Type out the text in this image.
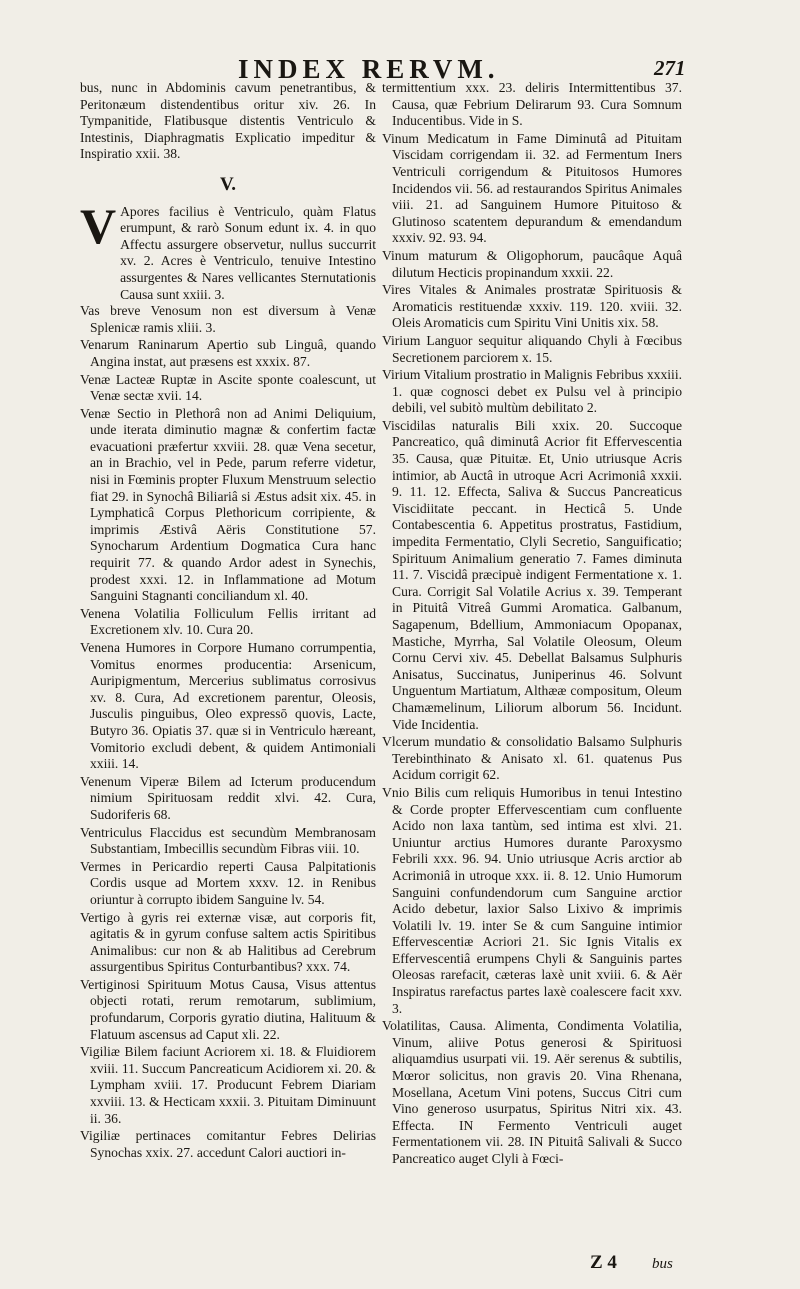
INDEX RERVM.	271

bus, nunc in Abdominis cavum penetrantibus, & Peritonæum distendentibus oritur xiv. 26. In Tympanitide, Flatibusque distentis Ventriculo & Intestinis, Diaphragmatis Explicatio impeditur & Inspiratio xxii. 38.

V.

V Apores facilius è Ventriculo, quàm Flatus erumpunt, & rarò Sonum edunt ix. 4. in quo Affectu assurgere observetur, nullus succurrit xv. 2. Acres è Ventriculo, tenuive Intestino assurgentes & Nares vellicantes Sternutationis Causa sunt xxiii. 3.

Vas breve Venosum non est diversum à Venæ Splenicæ ramis xliii. 3.

Venarum Raninarum Apertio sub Linguâ, quando Angina instat, aut præsens est xxxix. 87.

Venæ Lacteæ Ruptæ in Ascite sponte coalescunt, ut Venæ sectæ xvii. 14.

Venæ Sectio in Plethorâ non ad Animi Deliquium, unde iterata diminutio magnæ & confertim factæ evacuationi præfertur xxviii. 28. quæ Vena secetur, an in Brachio, vel in Pede, parum referre videtur, nisi in Fœminis propter Fluxum Menstruum selectio fiat 29. in Synochâ Biliariâ si Æstus adsit xix. 45. in Lymphaticâ Corpus Plethoricum corripiente, & imprimis Æstivâ Aëris Constitutione 57. Synocharum Ardentium Dogmatica Cura hanc requirit 77. & quando Ardor adest in Synechis, prodest xxxi. 12. in Inflammatione ad Motum Sanguini Stagnanti conciliandum xl. 40.

Venena Volatilia Folliculum Fellis irritant ad Excretionem xlv. 10. Cura 20.

Venena Humores in Corpore Humano corrumpentia, Vomitus enormes producentia: Arsenicum, Auripigmentum, Mercerius sublimatus corrosivus xv. 8. Cura, Ad excretionem parentur, Oleosis, Jusculis pinguibus, Oleo expressō quovis, Lacte, Butyro 36. Opiatis 37. quæ si in Ventriculo hæreant, Vomitorio excludi debent, & quidem Antimoniali xxiii. 14.

Venenum Viperæ Bilem ad Icterum producendum nimium Spirituosam reddit xlvi. 42. Cura, Sudoriferis 68.

Ventriculus Flaccidus est secundùm Membranosam Substantiam, Imbecillis secundùm Fibras viii. 10.

Vermes in Pericardio reperti Causa Palpitationis Cordis usque ad Mortem xxxv. 12. in Renibus oriuntur à corrupto ibidem Sanguine lv. 54.

Vertigo à gyris rei externæ visæ, aut corporis fit, agitatis & in gyrum confuse saltem actis Spiritibus Animalibus: cur non & ab Halitibus ad Cerebrum assurgentibus Spiritus Conturbantibus? xxx. 74.

Vertiginosi Spirituum Motus Causa, Visus attentus objecti rotati, rerum remotarum, sublimium, profundarum, Corporis gyratio diutina, Halituum & Flatuum ascensus ad Caput xli. 22.

Vigiliæ Bilem faciunt Acriorem xi. 18. & Fluidiorem xviii. 11. Succum Pancreaticum Acidiorem xi. 20. & Lympham xviii. 17. Producunt Febrem Diariam xxviii. 13. & Hecticam xxxii. 3. Pituitam Diminuunt ii. 36.

Vigiliæ pertinaces comitantur Febres Delirias Synochas xxix. 27. accedunt Calori auctiori in-

termittentium xxx. 23. deliris Intermittentibus 37. Causa, quæ Febrium Delirarum 93. Cura Somnum Inducentibus. Vide in S.

Vinum Medicatum in Fame Diminutâ ad Pituitam Viscidam corrigendam ii. 32. ad Fermentum Iners Ventriculi corrigendum & Pituitosos Humores Incidendos vii. 56. ad restaurandos Spiritus Animales viii. 21. ad Sanguinem Humore Pituitoso & Glutinoso scatentem depurandum & emendandum xxxiv. 92. 93. 94.

Vinum maturum & Oligophorum, paucâque Aquâ dilutum Hecticis propinandum xxxii. 22.

Vires Vitales & Animales prostratæ Spirituosis & Aromaticis restituendæ xxxiv. 119. 120. xviii. 32. Oleis Aromaticis cum Spiritu Vini Unitis xix. 58.

Virium Languor sequitur aliquando Chyli à Fœcibus Secretionem parciorem x. 15.

Virium Vitalium prostratio in Malignis Febribus xxxiii. 1. quæ cognosci debet ex Pulsu vel à principio debili, vel subitò multùm debilitato 2.

Viscidilas naturalis Bili xxix. 20. Succoque Pancreatico, quâ diminutâ Acrior fit Effervescentia 35. Causa, quæ Pituitæ. Et, Unio utriusque Acris intimior, ab Auctâ in utroque Acri Acrimoniâ xxxii. 9. 11. 12. Effecta, Saliva & Succus Pancreaticus Viscidiitate peccant. in Hecticâ 5. Unde Contabescentia 6. Appetitus prostratus, Fastidium, impedita Fermentatio, Clyli Secretio, Sanguificatio; Spirituum Animalium generatio 7. Fames diminuta 11. 7. Viscidâ præcipuè indigent Fermentatione x. 1. Cura. Corrigit Sal Volatile Acrius x. 39. Temperant in Pituitâ Vitreâ Gummi Aromatica. Galbanum, Sagapenum, Bdellium, Ammoniacum Opopanax, Mastiche, Myrrha, Sal Volatile Oleosum, Oleum Cornu Cervi xiv. 45. Debellat Balsamus Sulphuris Anisatus, Succinatus, Juniperinus 46. Solvunt Unguentum Martiatum, Althææ compositum, Oleum Chamæmelinum, Liliorum alborum 56. Incidunt. Vide Incidentia.

Vlcerum mundatio & consolidatio Balsamo Sulphuris Terebinthinato & Anisato xl. 61. quatenus Pus Acidum corrigit 62.

Vnio Bilis cum reliquis Humoribus in tenui Intestino & Corde propter Effervescentiam cum confluente Acido non laxa tantùm, sed intima est xlvi. 21. Uniuntur arctius Humores durante Paroxysmo Febrili xxx. 96. 94. Unio utriusque Acris arctior ab Acrimoniâ in utroque xxx. ii. 8. 12. Unio Humorum Sanguini confundendorum cum Sanguine arctior Acido debetur, laxior Salso Lixivo & imprimis Volatili lv. 19. inter Se & cum Sanguine intimior Effervescentiæ Acriori 21. Sic Ignis Vitalis ex Effervescentiâ erumpens Chyli & Sanguinis partes Oleosas rarefacit, cæteras laxè unit xviii. 6. & Aër Inspiratus rarefactus partes laxè coalescere facit xxv. 3.

Volatilitas, Causa. Alimenta, Condimenta Volatilia, Vinum, aliive Potus generosi & Spirituosi aliquamdius usurpati vii. 19. Aër serenus & subtilis, Mœror solicitus, non gravis 20. Vina Rhenana, Mosellana, Acetum Vini potens, Succus Citri cum Vino generoso usurpatus, Spiritus Nitri xix. 43. Effecta. IN Fermento Ventriculi auget Fermentationem vii. 28. IN Pituitâ Salivali & Succo Pancreatico auget Clyli à Fœci-

Z 4 bus
